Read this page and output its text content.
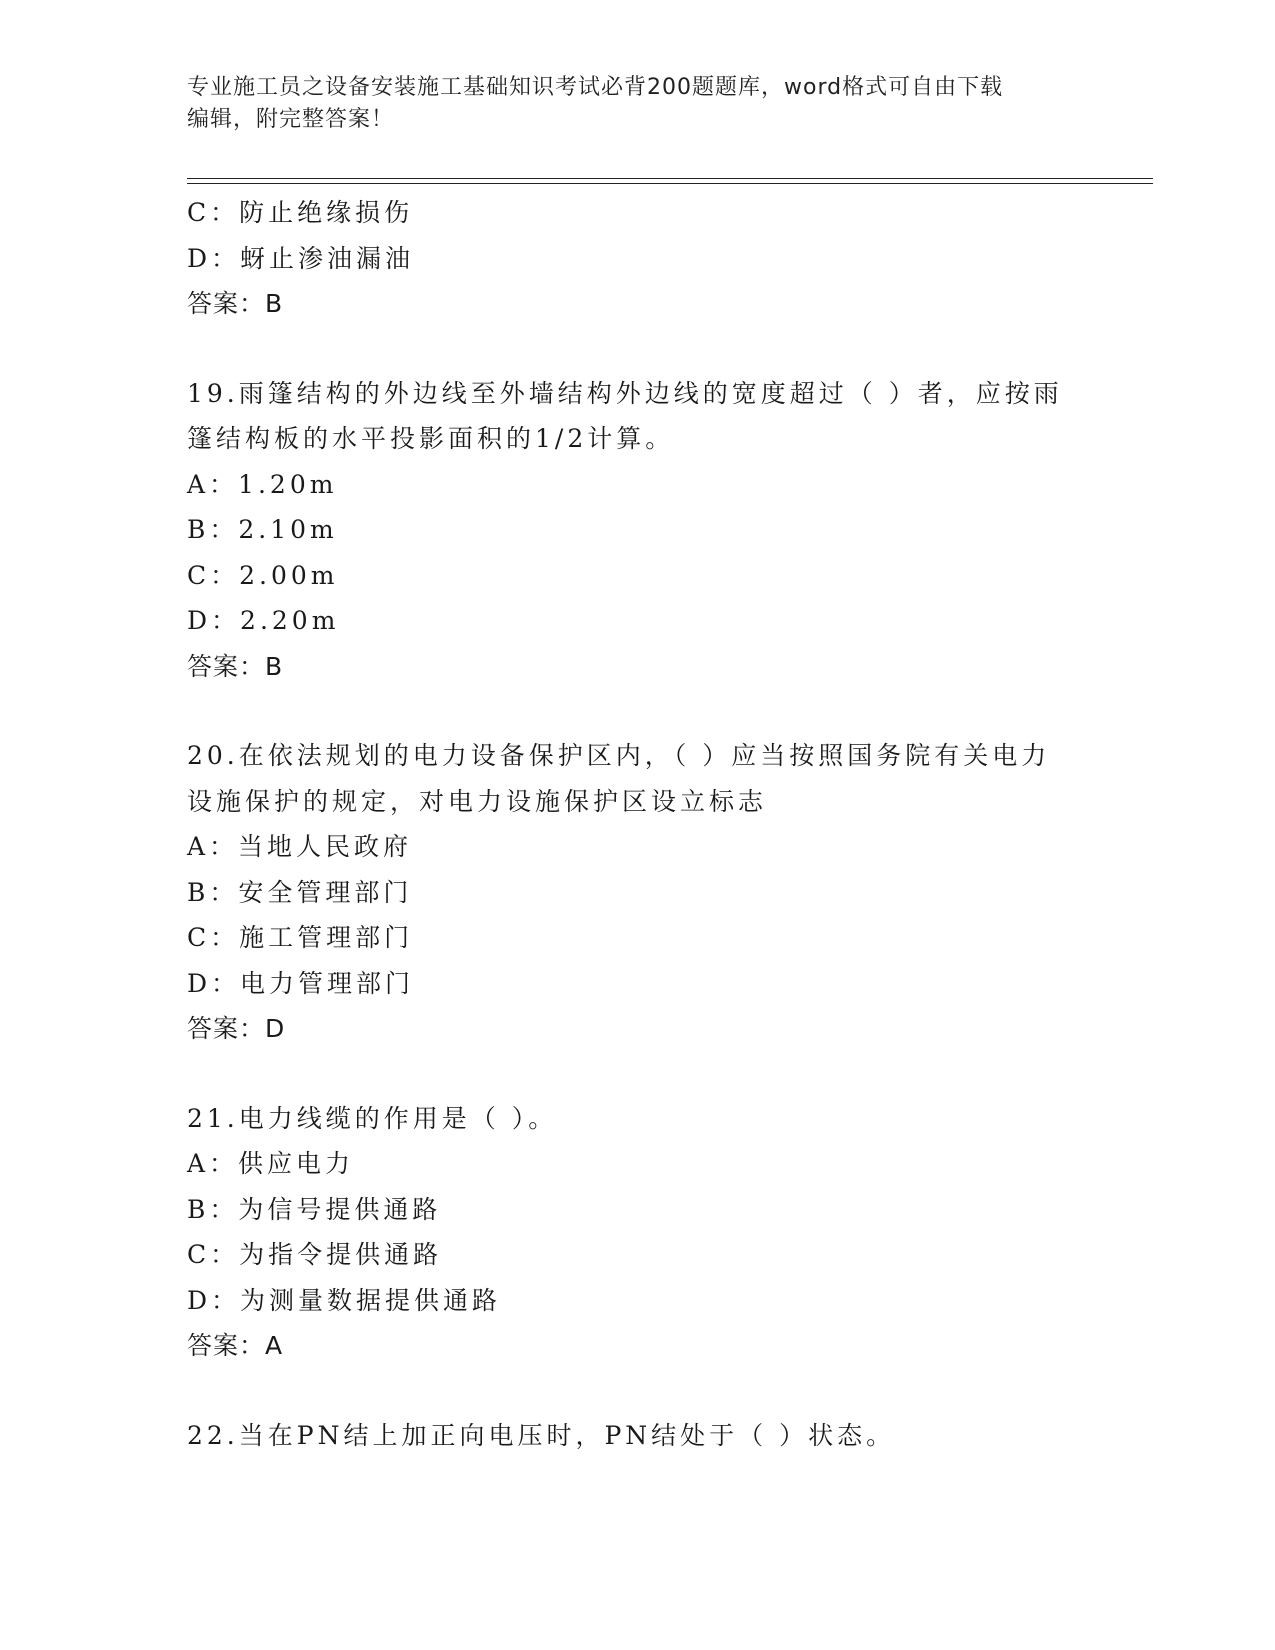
专业施工员之设备安装施工基础知识考试必背200题题库，word格式可自由下载
编辑，附完整答案！
C：防止绝缘损伤
D：蚜止渗油漏油
答案：B
19.雨篷结构的外边线至外墙结构外边线的宽度超过（ ）者，应按雨
篷结构板的水平投影面积的1/2计算。
A：1.20m
B：2.10m
C：2.00m
D：2.20m
答案：B
20.在依法规划的电力设备保护区内，（ ）应当按照国务院有关电力
设施保护的规定，对电力设施保护区设立标志
A：当地人民政府
B：安全管理部门
C：施工管理部门
D：电力管理部门
答案：D
21.电力线缆的作用是（ ）。
A：供应电力
B：为信号提供通路
C：为指令提供通路
D：为测量数据提供通路
答案：A
22.当在PN结上加正向电压时，PN结处于（ ）状态。
